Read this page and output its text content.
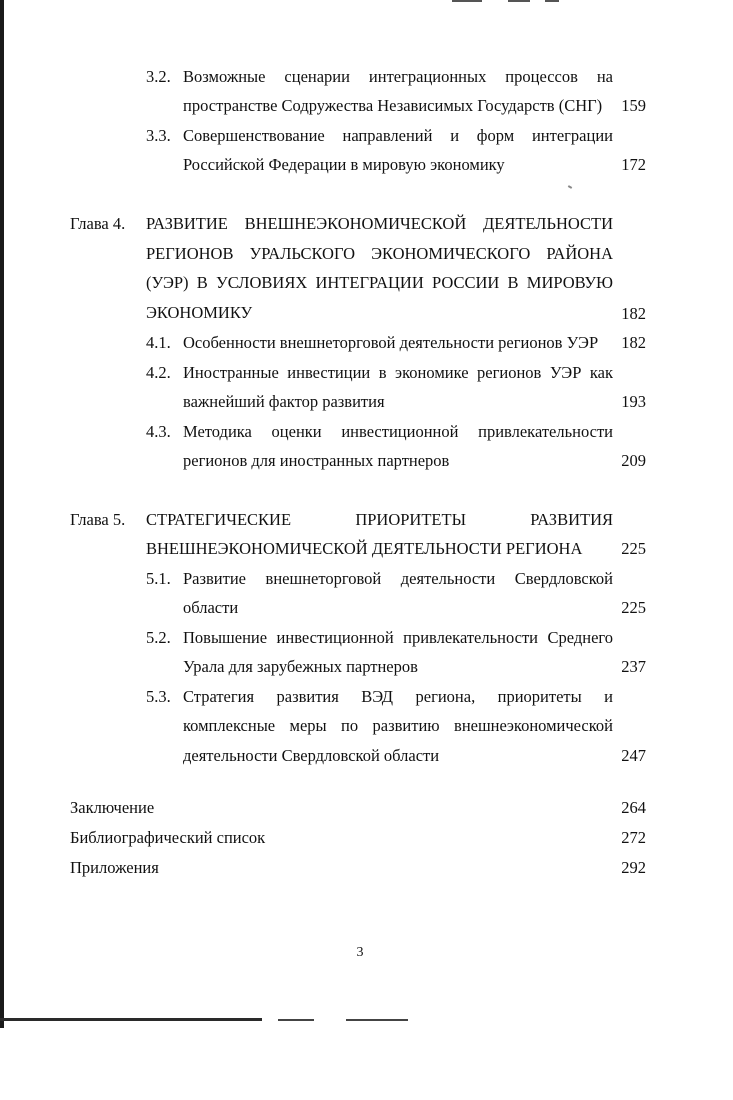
3.2. Возможные сценарии интеграционных процессов на
пространстве Содружества Независимых Государств (СНГ)	159
3.3. Совершенствование направлений и форм интеграции
Российской Федерации в мировую экономику	172
Глава 4. РАЗВИТИЕ ВНЕШНЕЭКОНОМИЧЕСКОЙ ДЕЯТЕЛЬНОСТИ
РЕГИОНОВ УРАЛЬСКОГО ЭКОНОМИЧЕСКОГО РАЙОНА
(УЭР) В УСЛОВИЯХ ИНТЕГРАЦИИ РОССИИ В МИРОВУЮ
ЭКОНОМИКУ	182
4.1. Особенности внешнеторговой деятельности регионов УЭР	182
4.2. Иностранные инвестиции в экономике регионов УЭР как
важнейший фактор развития	193
4.3. Методика оценки инвестиционной привлекательности
регионов для иностранных партнеров	209
Глава 5. СТРАТЕГИЧЕСКИЕ ПРИОРИТЕТЫ РАЗВИТИЯ
ВНЕШНЕЭКОНОМИЧЕСКОЙ ДЕЯТЕЛЬНОСТИ РЕГИОНА	225
5.1. Развитие внешнеторговой деятельности Свердловской
области	225
5.2. Повышение инвестиционной привлекательности Среднего
Урала для зарубежных партнеров	237
5.3. Стратегия развития ВЭД региона, приоритеты и
комплексные меры по развитию внешнеэкономической
деятельности Свердловской области	247
Заключение	264
Библиографический список	272
Приложения	292
3
